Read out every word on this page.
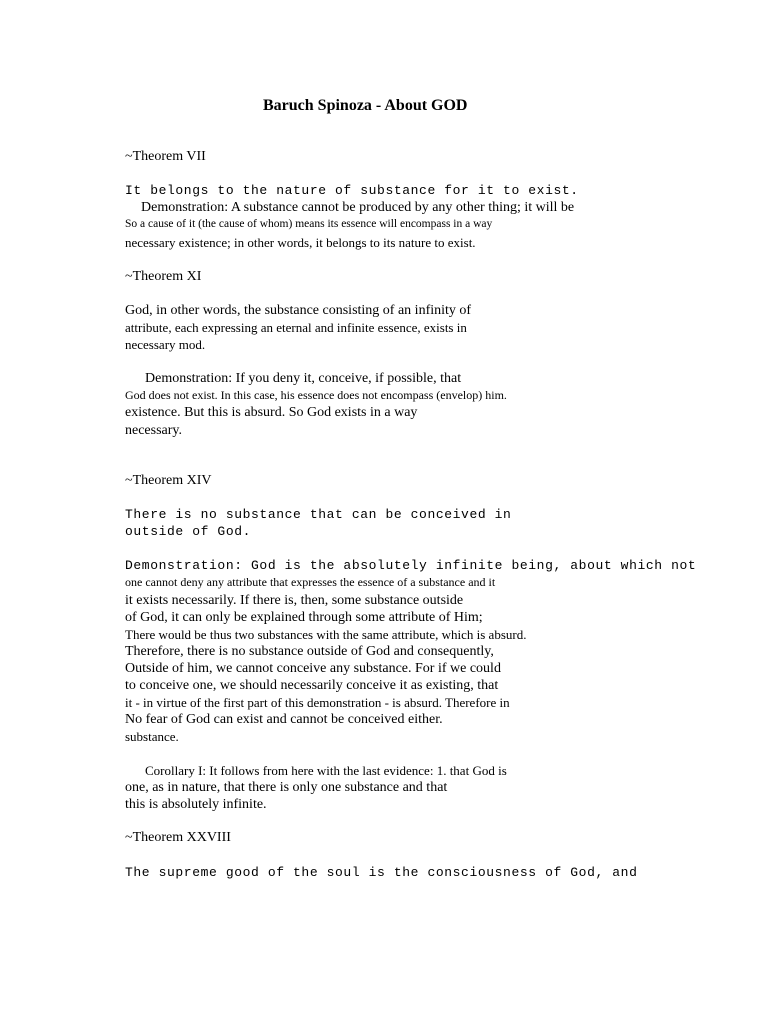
Baruch Spinoza - About GOD
~Theorem VII
It belongs to the nature of substance for it to exist.
Demonstration: A substance cannot be produced by any other thing; it will be
So a cause of it (the cause of whom) means its essence will encompass in a way
necessary existence; in other words, it belongs to its nature to exist.
~Theorem XI
God, in other words, the substance consisting of an infinity of
attribute, each expressing an eternal and infinite essence, exists in
necessary mod.
Demonstration: If you deny it, conceive, if possible, that
God does not exist. In this case, his essence does not encompass (envelop) him.
existence. But this is absurd. So God exists in a way
necessary.
~Theorem XIV
There is no substance that can be conceived in
outside of God.
Demonstration: God is the absolutely infinite being, about which not
one cannot deny any attribute that expresses the essence of a substance and it
it exists necessarily. If there is, then, some substance outside
of God, it can only be explained through some attribute of Him;
There would be thus two substances with the same attribute, which is absurd.
Therefore, there is no substance outside of God and consequently,
Outside of him, we cannot conceive any substance. For if we could
to conceive one, we should necessarily conceive it as existing, that
it - in virtue of the first part of this demonstration - is absurd. Therefore in
No fear of God can exist and cannot be conceived either.
substance.
Corollary I: It follows from here with the last evidence: 1. that God is
one, as in nature, that there is only one substance and that
this is absolutely infinite.
~Theorem XXVIII
The supreme good of the soul is the consciousness of God, and
